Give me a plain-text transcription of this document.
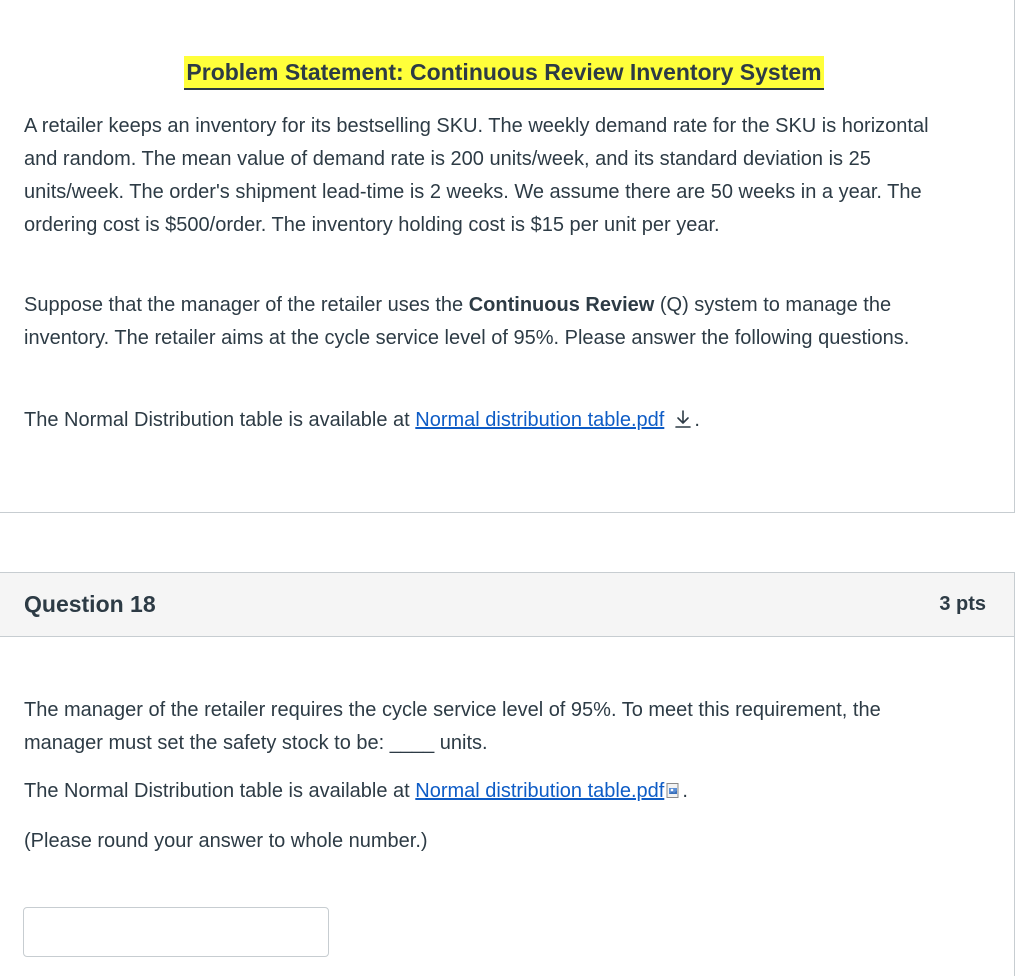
Problem Statement: Continuous Review Inventory System
A retailer keeps an inventory for its bestselling SKU. The weekly demand rate for the SKU is horizontal and random. The mean value of demand rate is 200 units/week, and its standard deviation is 25 units/week. The order's shipment lead-time is 2 weeks. We assume there are 50 weeks in a year. The ordering cost is $500/order. The inventory holding cost is $15 per unit per year.
Suppose that the manager of the retailer uses the Continuous Review (Q) system to manage the inventory. The retailer aims at the cycle service level of 95%. Please answer the following questions.
The Normal Distribution table is available at Normal distribution table.pdf .
Question 18	3 pts
The manager of the retailer requires the cycle service level of 95%. To meet this requirement, the manager must set the safety stock to be: ____ units.
The Normal Distribution table is available at Normal distribution table.pdf .
(Please round your answer to whole number.)
